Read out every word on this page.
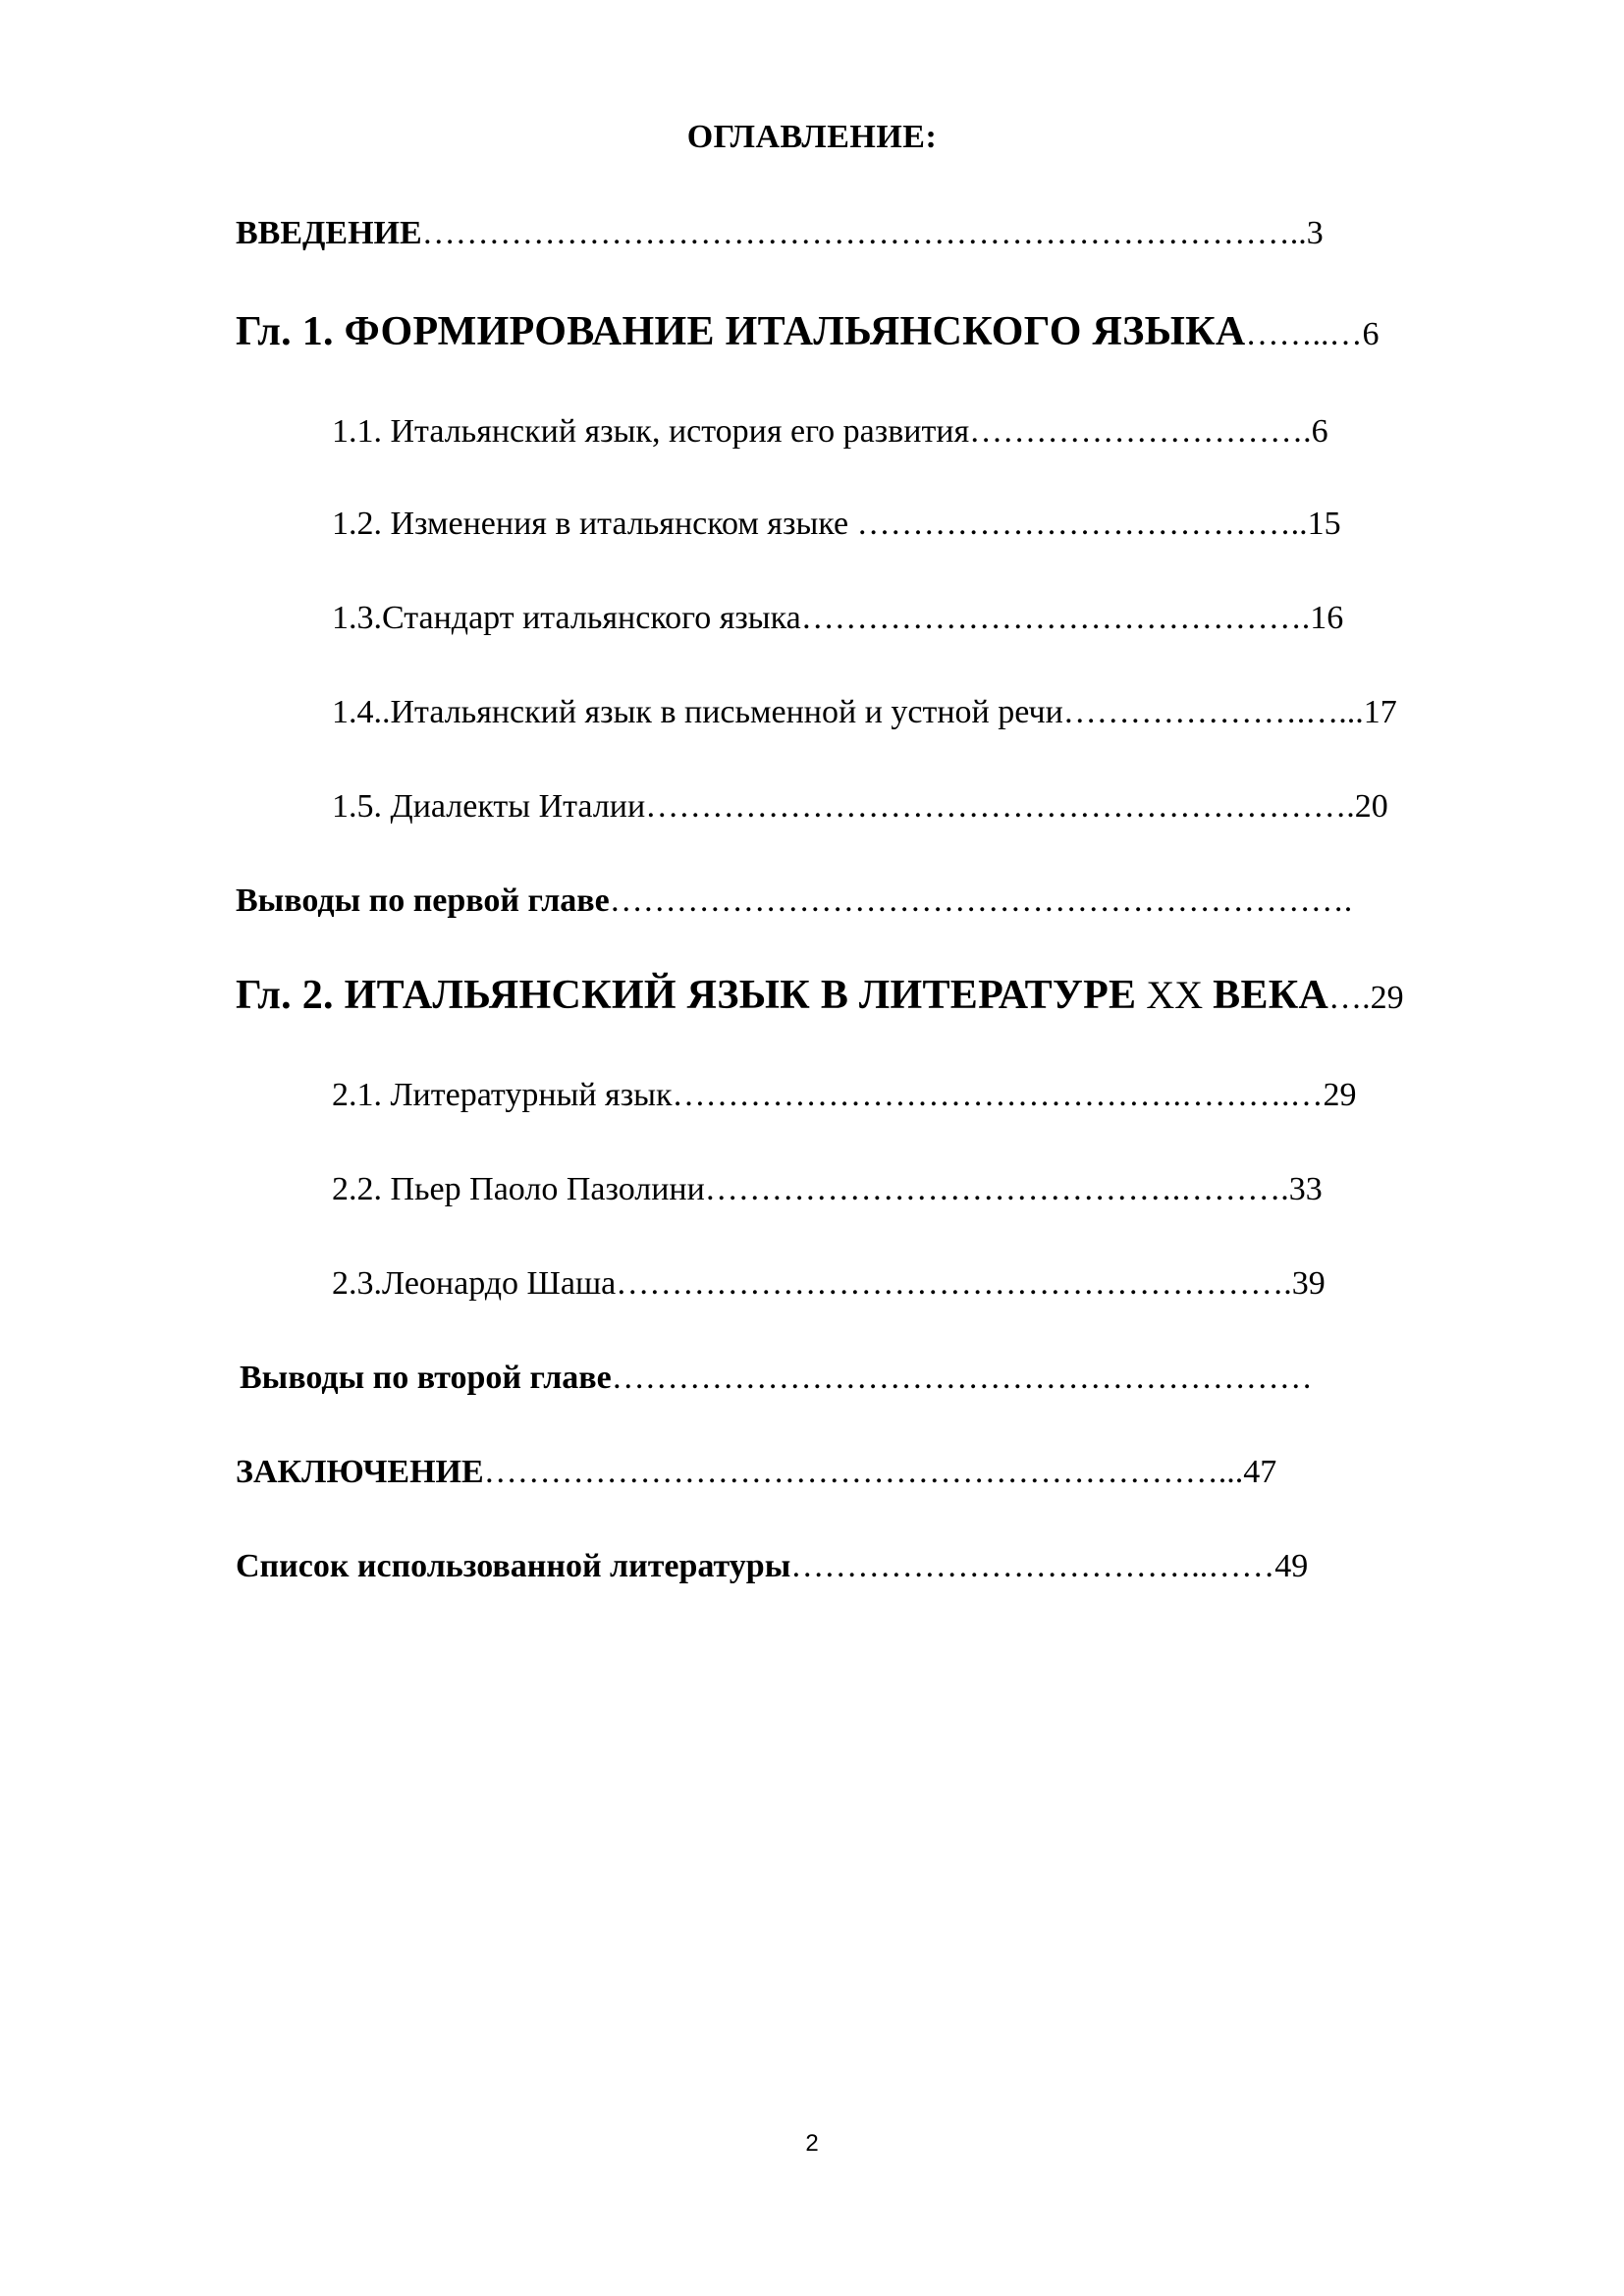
ОГЛАВЛЕНИЕ:
ВВЕДЕНИЕ……………………………………………………………………..3
Гл. 1. ФОРМИРОВАНИЕ ИТАЛЬЯНСКОГО ЯЗЫКА……..…6
1.1. Итальянский язык, история его развития………………………….6
1.2. Изменения в итальянском языке …………………………………..15
1.3.Стандарт итальянского языка……………………………………….16
1.4..Итальянский язык в письменной и устной речи………………….…...17
1.5. Диалекты Италии……………………………………………………….20
Выводы по первой главе………………………………………………………….
Гл. 2. ИТАЛЬЯНСКИЙ ЯЗЫК В ЛИТЕРАТУРЕ XX ВЕКА….29
2.1. Литературный язык……………………………………….……….…29
2.2. Пьер Паоло Пазолини…………………………………….……….33
2.3.Леонардо Шаша…………………………………………………….39
Выводы по второй главе………………………………………………………
ЗАКЛЮЧЕНИЕ…………………………………………………………...47
Список использованной литературы………………………………..……49
2
